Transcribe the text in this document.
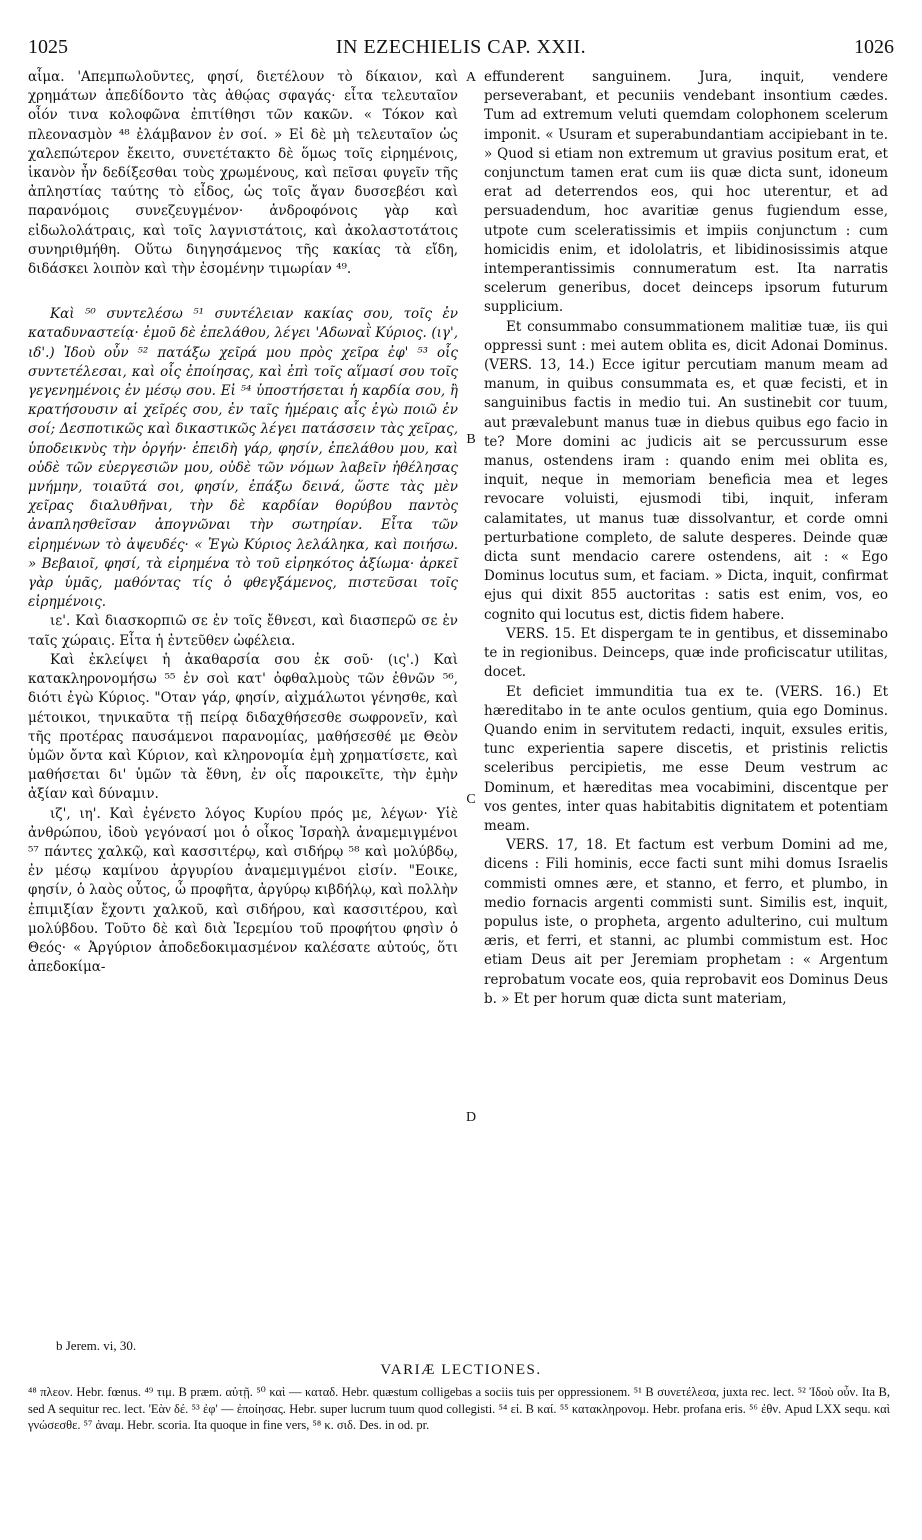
1025	IN EZECHIELIS CAP. XXII.	1026
A
B
C
D

αἷμα. 'Απεμπωλοῦντες, φησί, διετέλουν τὸ δίκαιον, καὶ χρημάτων ἀπεδίδοντο τὰς ἀθῴας σφαγάς· εἶτα τελευταῖον οἷόν τινα κολοφῶνα ἐπιτίθησι τῶν κακῶν. « Τόκον καὶ πλεονασμὸν ⁴⁸ ἐλάμβανον ἐν σοί. » Εἰ δὲ μὴ τελευταῖον ὡς χαλεπώτερον ἔκειτο, συνετέτακτο δὲ ὅμως τοῖς εἰρημένοις, ἱκανὸν ἦν δεδίξεσθαι τοὺς χρωμένους, καὶ πεῖσαι φυγεῖν τῆς ἀπληστίας ταύτης τὸ εἶδος, ὡς τοῖς ἄγαν δυσσεβέσι καὶ παρανόμοις συνεζευγμένον· ἀνδροφόνοις γὰρ καὶ εἰδωλολάτραις, καὶ τοῖς λαγνιστάτοις, καὶ ἀκολαστοτάτοις συνηριθμήθη. Οὕτω διηγησάμενος τῆς κακίας τὰ εἴδη, διδάσκει λοιπὸν καὶ τὴν ἐσομένην τιμωρίαν ⁴⁹.

Καὶ ⁵⁰ συντελέσω ⁵¹ συντέλειαν κακίας σου, τοῖς ἐν καταδυναστείᾳ· ἐμοῦ δὲ ἐπελάθου, λέγει 'Αδωναῒ Κύριος. (ιγ', ιδ'.) Ἰδοὺ οὖν ⁵² πατάξω χεῖρά μου πρὸς χεῖρα ἐφ' ⁵³ οἷς συντετέλεσαι, καὶ οἷς ἐποίησας, καὶ ἐπὶ τοῖς αἵμασί σου τοῖς γεγενημένοις ἐν μέσῳ σου. Εἰ ⁵⁴ ὑποστήσεται ἡ καρδία σου, ἢ κρατήσουσιν αἱ χεῖρές σου, ἐν ταῖς ἡμέραις αἷς ἐγὼ ποιῶ ἐν σοί; Δεσποτικῶς καὶ δικαστικῶς λέγει πατάσσειν τὰς χεῖρας, ὑποδεικνὺς τὴν ὀργήν· ἐπειδὴ γάρ, φησίν, ἐπελάθου μου, καὶ οὐδὲ τῶν εὐεργεσιῶν μου, οὐδὲ τῶν νόμων λαβεῖν ἠθέλησας μνήμην, τοιαῦτά σοι, φησίν, ἐπάξω δεινά, ὥστε τὰς μὲν χεῖρας διαλυθῆναι, τὴν δὲ καρδίαν θορύβου παντὸς ἀναπλησθεῖσαν ἀπογνῶναι τὴν σωτηρίαν. Εἶτα τῶν εἰρημένων τὸ ἀψευδές· « Ἐγὼ Κύριος λελάληκα, καὶ ποιήσω. » Βεβαιοῖ, φησί, τὰ εἰρημένα τὸ τοῦ εἰρηκότος ἀξίωμα· ἀρκεῖ γὰρ ὑμᾶς, μαθόντας τίς ὁ φθεγξάμενος, πιστεῦσαι τοῖς εἰρημένοις.

ιε'. Καὶ διασκορπιῶ σε ἐν τοῖς ἔθνεσι, καὶ διασπερῶ σε ἐν ταῖς χώραις. Εἶτα ἡ ἐντεῦθεν ὠφέλεια.

Καὶ ἐκλείψει ἡ ἀκαθαρσία σου ἐκ σοῦ· (ις'.) Καὶ κατακληρονομήσω ⁵⁵ ἐν σοὶ κατ' ὀφθαλμοὺς τῶν ἐθνῶν ⁵⁶, διότι ἐγὼ Κύριος. "Οταν γάρ, φησίν, αἰχμάλωτοι γένησθε, καὶ μέτοικοι, τηνικαῦτα τῇ πείρᾳ διδαχθήσεσθε σωφρονεῖν, καὶ τῆς προτέρας παυσάμενοι παρανομίας, μαθήσεσθέ με Θεὸν ὑμῶν ὄντα καὶ Κύριον, καὶ κληρονομία ἐμὴ χρηματίσετε, καὶ μαθήσεται δι' ὑμῶν τὰ ἔθνη, ἐν οἷς παροικεῖτε, τὴν ἐμὴν ἀξίαν καὶ δύναμιν.

ιζ', ιη'. Καὶ ἐγένετο λόγος Κυρίου πρός με, λέγων· Υἱὲ ἀνθρώπου, ἰδοὺ γεγόνασί μοι ὁ οἶκος Ἰσραὴλ ἀναμεμιγμένοι ⁵⁷ πάντες χαλκῷ, καὶ κασσιτέρῳ, καὶ σιδήρῳ ⁵⁸ καὶ μολύβδῳ, ἐν μέσῳ καμίνου ἀργυρίου ἀναμεμιγμένοι εἰσίν. "Εοικε, φησίν, ὁ λαὸς οὗτος, ὦ προφῆτα, ἀργύρῳ κιβδήλῳ, καὶ πολλὴν ἐπιμιξίαν ἔχοντι χαλκοῦ, καὶ σιδήρου, καὶ κασσιτέρου, καὶ μολύβδου. Τοῦτο δὲ καὶ διὰ Ἱερεμίου τοῦ προφήτου φησὶν ὁ Θεός· « Ἀργύριον ἀποδεδοκιμασμένον καλέσατε αὐτούς, ὅτι ἀπεδοκίμα-

effunderent sanguinem. Jura, inquit, vendere perseverabant, et pecuniis vendebant insontium cædes. Tum ad extremum veluti quemdam colophonem scelerum imponit. « Usuram et superabundantiam accipiebant in te. » Quod si etiam non extremum ut gravius positum erat, et conjunctum tamen erat cum iis quæ dicta sunt, idoneum erat ad deterrendos eos, qui hoc uterentur, et ad persuadendum, hoc avaritiæ genus fugiendum esse, utpote cum sceleratissimis et impiis conjunctum : cum homicidis enim, et idololatris, et libidinosissimis atque intemperantissimis connumeratum est. Ita narratis scelerum generibus, docet deinceps ipsorum futurum supplicium.

Et consummabo consummationem malitiæ tuæ, iis qui oppressi sunt : mei autem oblita es, dicit Adonai Dominus. (VERS. 13, 14.) Ecce igitur percutiam manum meam ad manum, in quibus consummata es, et quæ fecisti, et in sanguinibus factis in medio tui. An sustinebit cor tuum, aut prævalebunt manus tuæ in diebus quibus ego facio in te? More domini ac judicis ait se percussurum esse manus, ostendens iram : quando enim mei oblita es, inquit, neque in memoriam beneficia mea et leges revocare voluisti, ejusmodi tibi, inquit, inferam calamitates, ut manus tuæ dissolvantur, et corde omni perturbatione completo, de salute desperes. Deinde quæ dicta sunt mendacio carere ostendens, ait : « Ego Dominus locutus sum, et faciam. » Dicta, inquit, confirmat ejus qui dixit 855 auctoritas : satis est enim, vos, eo cognito qui locutus est, dictis fidem habere.

VERS. 15. Et dispergam te in gentibus, et disseminabo te in regionibus. Deinceps, quæ inde proficiscatur utilitas, docet.

Et deficiet immunditia tua ex te. (VERS. 16.) Et hæreditabo in te ante oculos gentium, quia ego Dominus. Quando enim in servitutem redacti, inquit, exsules eritis, tunc experientia sapere discetis, et pristinis relictis sceleribus percipietis, me esse Deum vestrum ac Dominum, et hæreditas mea vocabimini, discentque per vos gentes, inter quas habitabitis dignitatem et potentiam meam.

VERS. 17, 18. Et factum est verbum Domini ad me, dicens : Fili hominis, ecce facti sunt mihi domus Israelis commisti omnes ære, et stanno, et ferro, et plumbo, in medio fornacis argenti commisti sunt. Similis est, inquit, populus iste, o propheta, argento adulterino, cui multum æris, et ferri, et stanni, ac plumbi commistum est. Hoc etiam Deus ait per Jeremiam prophetam : « Argentum reprobatum vocate eos, quia reprobavit eos Dominus Deus b. » Et per horum quæ dicta sunt materiam,

b Jerem. vi, 30.
VARIÆ LECTIONES.
⁴⁸ πλεον. Hebr. fœnus. ⁴⁹ τιμ. B præm. αὐτῇ. ⁵⁰ καὶ — καταδ. Hebr. quæstum colligebas a sociis tuis per oppressionem. ⁵¹ B συνετέλεσα, juxta rec. lect. ⁵² Ἰδοὺ οὖν. Ita B, sed A sequitur rec. lect. 'Εὰν δέ. ⁵³ ἐφ' — ἐποίησας. Hebr. super lucrum tuum quod collegisti. ⁵⁴ εἰ. B καί. ⁵⁵ κατακληρονομ. Hebr. profana eris. ⁵⁶ ἐθν. Apud LXX sequ. καὶ γνώσεσθε. ⁵⁷ ἀναμ. Hebr. scoria. Ita quoque in fine vers, ⁵⁸ κ. σιδ. Des. in od. pr.
